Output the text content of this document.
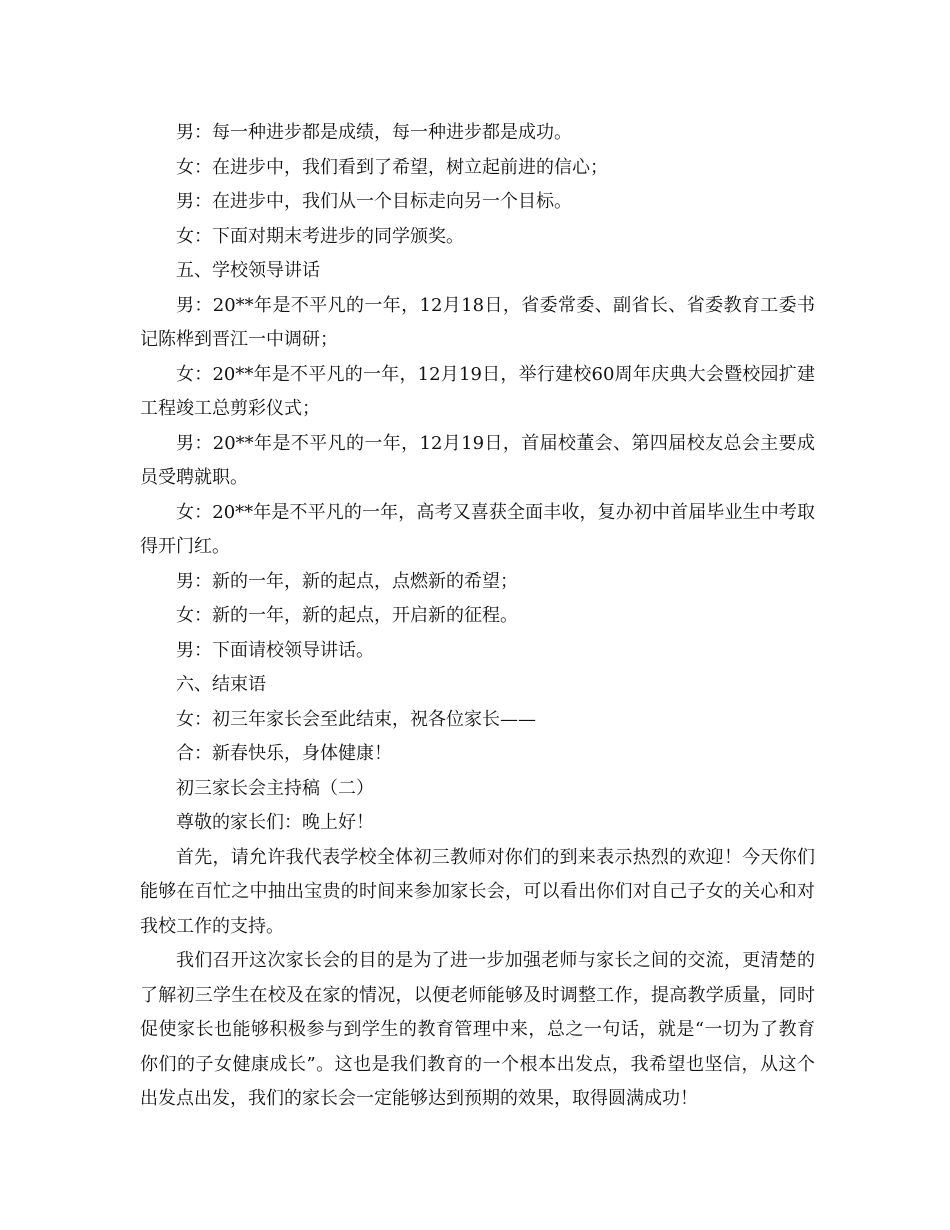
男：每一种进步都是成绩，每一种进步都是成功。

女：在进步中，我们看到了希望，树立起前进的信心；

男：在进步中，我们从一个目标走向另一个目标。

女：下面对期末考进步的同学颁奖。

五、学校领导讲话

男：20**年是不平凡的一年，12月18日，省委常委、副省长、省委教育工委书记陈桦到晋江一中调研；

女：20**年是不平凡的一年，12月19日，举行建校60周年庆典大会暨校园扩建工程竣工总剪彩仪式；

男：20**年是不平凡的一年，12月19日，首届校董会、第四届校友总会主要成员受聘就职。

女：20**年是不平凡的一年，高考又喜获全面丰收，复办初中首届毕业生中考取得开门红。

男：新的一年，新的起点，点燃新的希望；

女：新的一年，新的起点，开启新的征程。

男：下面请校领导讲话。

六、结束语

女：初三年家长会至此结束，祝各位家长——

合：新春快乐，身体健康！

初三家长会主持稿（二）

尊敬的家长们：晚上好！

首先，请允许我代表学校全体初三教师对你们的到来表示热烈的欢迎！今天你们能够在百忙之中抽出宝贵的时间来参加家长会，可以看出你们对自己子女的关心和对我校工作的支持。

我们召开这次家长会的目的是为了进一步加强老师与家长之间的交流，更清楚的了解初三学生在校及在家的情况，以便老师能够及时调整工作，提高教学质量，同时促使家长也能够积极参与到学生的教育管理中来，总之一句话，就是“一切为了教育你们的子女健康成长”。这也是我们教育的一个根本出发点，我希望也坚信，从这个出发点出发，我们的家长会一定能够达到预期的效果，取得圆满成功！
